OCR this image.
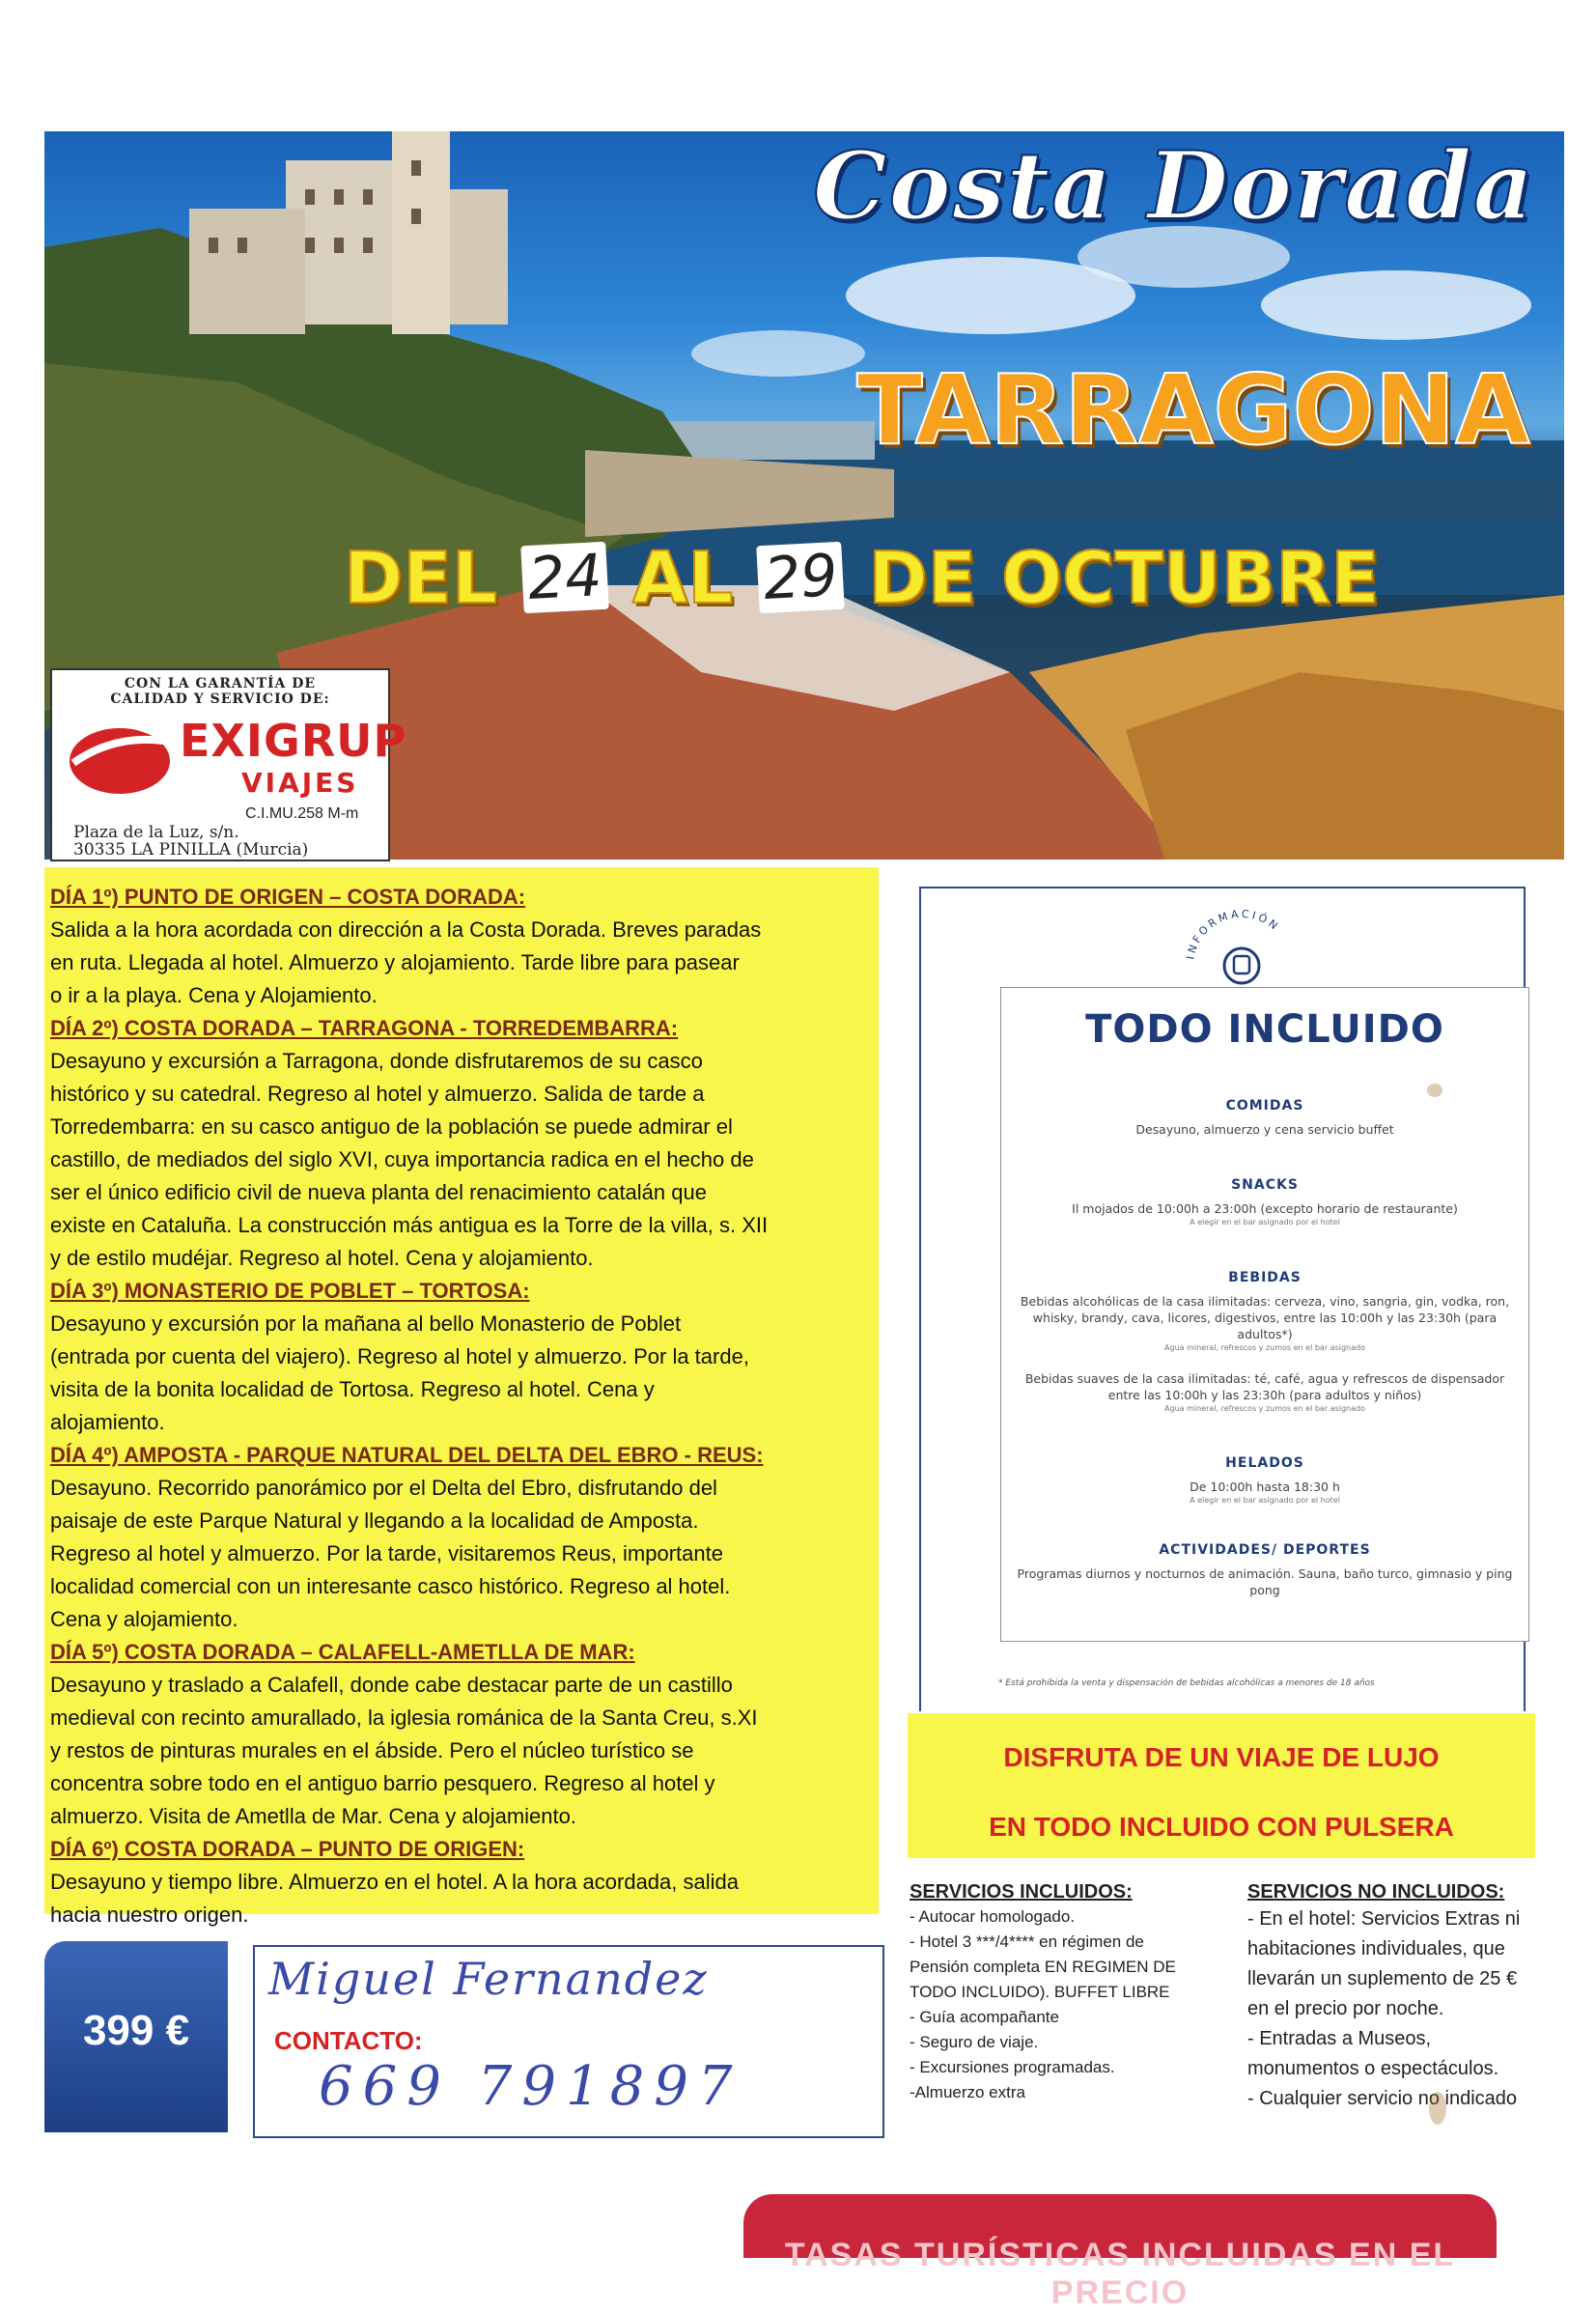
Costa Dorada
TARRAGONA
DEL 24 AL 29 DE OCTUBRE
CON LA GARANTÍA DE
CALIDAD Y SERVICIO DE:
EXIGRUP
VIAJES
C.I.MU.258 M-m
Plaza de la Luz, s/n.
30335 LA PINILLA (Murcia)

DÍA 1º) PUNTO DE ORIGEN – COSTA DORADA:

Salida a la hora acordada con dirección a la Costa Dorada. Breves paradas

en ruta. Llegada al hotel. Almuerzo y alojamiento. Tarde libre para pasear

o ir a la playa. Cena y Alojamiento.

DÍA 2º) COSTA DORADA – TARRAGONA - TORREDEMBARRA:

Desayuno y excursión a Tarragona, donde disfrutaremos de su casco

histórico y su catedral. Regreso al hotel y almuerzo. Salida de tarde a

Torredembarra: en su casco antiguo de la población se puede admirar el

castillo, de mediados del siglo XVI, cuya importancia radica en el hecho de

ser el único edificio civil de nueva planta del renacimiento catalán que

existe en Cataluña. La construcción más antigua es la Torre de la villa, s. XII

y de estilo mudéjar. Regreso al hotel. Cena y alojamiento.

DÍA 3º) MONASTERIO DE POBLET – TORTOSA:

Desayuno y excursión por la mañana al bello Monasterio de Poblet

(entrada por cuenta del viajero). Regreso al hotel y almuerzo. Por la tarde,

visita de la bonita localidad de Tortosa. Regreso al hotel. Cena y

alojamiento.

DÍA 4º) AMPOSTA - PARQUE NATURAL DEL DELTA DEL EBRO - REUS:

Desayuno. Recorrido panorámico por el Delta del Ebro, disfrutando del

paisaje de este Parque Natural y llegando a la localidad de Amposta.

Regreso al hotel y almuerzo. Por la tarde, visitaremos Reus, importante

localidad comercial con un interesante casco histórico. Regreso al hotel.

Cena y alojamiento.

DÍA 5º) COSTA DORADA – CALAFELL-AMETLLA DE MAR:

Desayuno y traslado a Calafell, donde cabe destacar parte de un castillo

medieval con recinto amurallado, la iglesia románica de la Santa Creu, s.XI

y restos de pinturas murales en el ábside. Pero el núcleo turístico se

concentra sobre todo en el antiguo barrio pesquero. Regreso al hotel y

almuerzo. Visita de Ametlla de Mar. Cena y alojamiento.

DÍA 6º) COSTA DORADA – PUNTO DE ORIGEN:

Desayuno y tiempo libre. Almuerzo en el hotel. A la hora acordada, salida

hacia nuestro origen.

INFORMACIÓN
TODO INCLUIDO
COMIDAS
Desayuno, almuerzo y cena servicio buffet
SNACKS
Il mojados de 10:00h a 23:00h (excepto horario de restaurante)
A elegir en el bar asignado por el hotel
BEBIDAS
Bebidas alcohólicas de la casa ilimitadas: cerveza, vino, sangria, gin, vodka, ron, whisky, brandy, cava, licores, digestivos, entre las 10:00h y las 23:30h (para adultos*)
Agua mineral, refrescos y zumos en el bar asignado
Bebidas suaves de la casa ilimitadas: té, café, agua y refrescos de dispensador entre las 10:00h y las 23:30h (para adultos y niños)
Agua mineral, refrescos y zumos en el bar asignado
HELADOS
De 10:00h hasta 18:30 h
A elegir en el bar asignado por el hotel
ACTIVIDADES/ DEPORTES
Programas diurnos y nocturnos de animación. Sauna, baño turco, gimnasio y ping pong
* Está prohibida la venta y dispensación de bebidas alcohólicas a menores de 18 años
DISFRUTA DE UN VIAJE DE LUJO
EN TODO INCLUIDO CON PULSERA
SERVICIOS INCLUIDOS:
- Autocar homologado.
- Hotel 3 ***/4**** en régimen de
Pensión completa EN REGIMEN DE
TODO INCLUIDO). BUFFET LIBRE
- Guía acompañante
- Seguro de viaje.
- Excursiones programadas.
-Almuerzo extra
SERVICIOS NO INCLUIDOS:
- En el hotel: Servicios Extras ni
habitaciones individuales, que
llevarán un suplemento de 25 €
en el precio por noche.
- Entradas a Museos,
monumentos o espectáculos.
- Cualquier servicio no indicado
399 €
Miguel Fernandez
CONTACTO:
669 791897
TASAS TURÍSTICAS INCLUIDAS EN EL PRECIO
